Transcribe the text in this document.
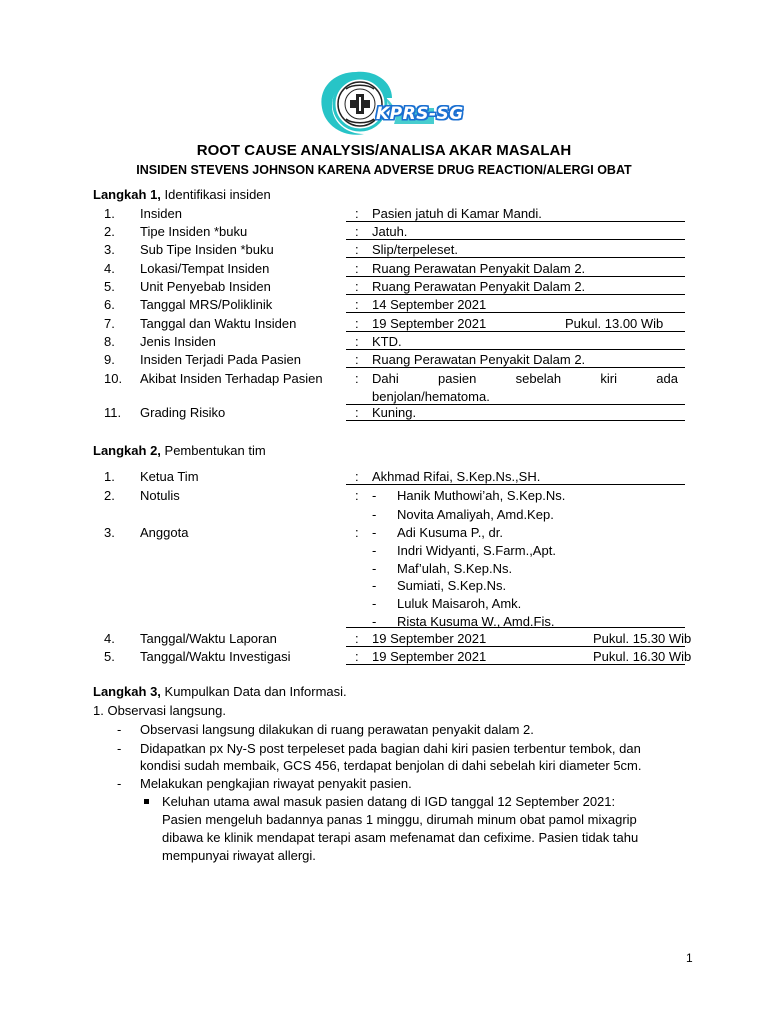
KPRS-SG
ROOT CAUSE ANALYSIS/ANALISA AKAR MASALAH
INSIDEN STEVENS JOHNSON KARENA ADVERSE DRUG REACTION/ALERGI OBAT
Langkah 1, Identifikasi insiden
1.	Insiden	:	Pasien jatuh di Kamar Mandi.
2.	Tipe Insiden *buku	:	Jatuh.
3.	Sub Tipe Insiden *buku	:	Slip/terpeleset.
4.	Lokasi/Tempat Insiden	:	Ruang Perawatan Penyakit Dalam 2.
5.	Unit Penyebab Insiden	:	Ruang Perawatan Penyakit Dalam 2.
6.	Tanggal MRS/Poliklinik	:	14 September 2021
7.	Tanggal dan Waktu Insiden	:	19 September 2021	Pukul. 13.00 Wib
8.	Jenis Insiden	:	KTD.
9.	Insiden Terjadi Pada Pasien	:	Ruang Perawatan Penyakit Dalam 2.
10.	Akibat Insiden Terhadap Pasien	:	Dahi pasien sebelah kiri ada
benjolan/hematoma.
11.	Grading Risiko	:	Kuning.
Langkah 2, Pembentukan tim
1.	Ketua Tim	:	Akhmad Rifai, S.Kep.Ns.,SH.
2.	Notulis	:	-	Hanik Muthowi’ah, S.Kep.Ns.
-	Novita Amaliyah, Amd.Kep.
3.	Anggota	:	-	Adi Kusuma P., dr.
-	Indri Widyanti, S.Farm.,Apt.
-	Maf’ulah, S.Kep.Ns.
-	Sumiati, S.Kep.Ns.
-	Luluk Maisaroh, Amk.
-	Rista Kusuma W., Amd.Fis.
4.	Tanggal/Waktu Laporan	:	19 September 2021	Pukul. 15.30 Wib
5.	Tanggal/Waktu Investigasi	:	19 September 2021	Pukul. 16.30 Wib
Langkah 3, Kumpulkan Data dan Informasi.
1. Observasi langsung.
- Observasi langsung dilakukan di ruang perawatan penyakit dalam 2.
- Didapatkan px Ny-S post terpeleset pada bagian dahi kiri pasien terbentur tembok, dan
kondisi sudah membaik, GCS 456, terdapat benjolan di dahi sebelah kiri diameter 5cm.
- Melakukan pengkajian riwayat penyakit pasien.
Keluhan utama awal masuk pasien datang di IGD tanggal 12 September 2021:
Pasien mengeluh badannya panas 1 minggu, dirumah minum obat pamol mixagrip
dibawa ke klinik mendapat terapi asam mefenamat dan cefixime. Pasien tidak tahu
mempunyai riwayat allergi.
1
